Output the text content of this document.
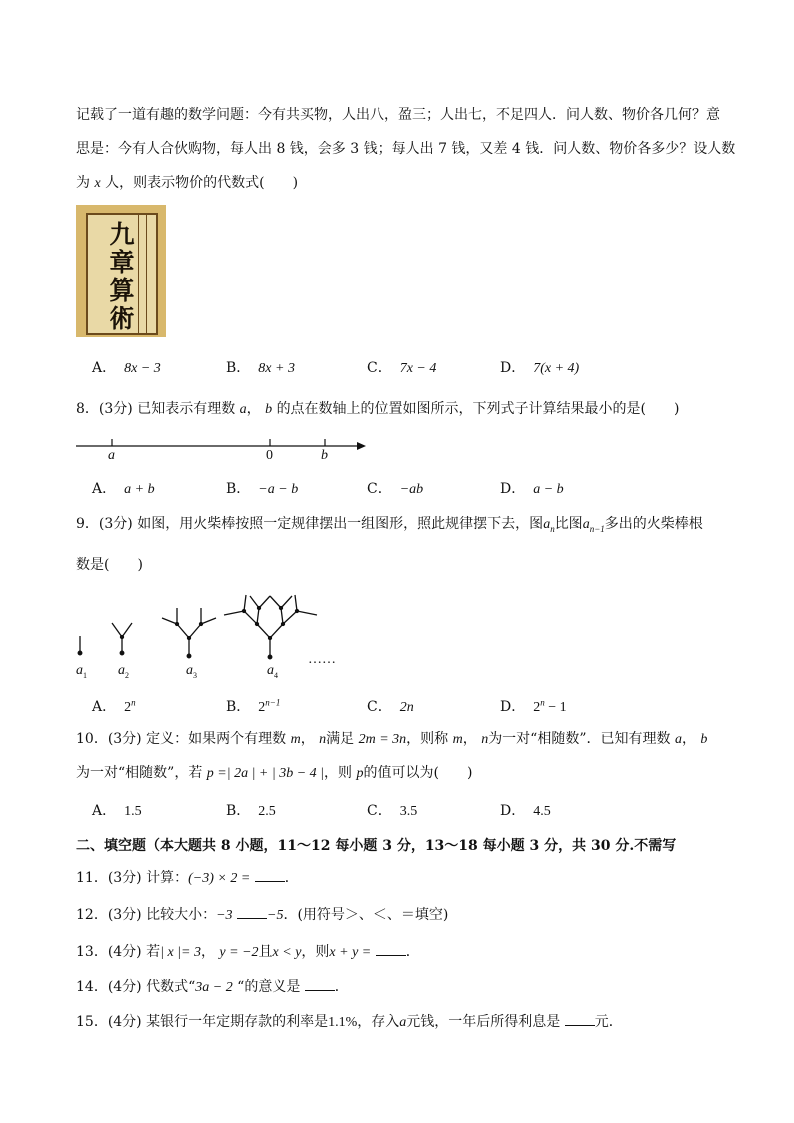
记载了一道有趣的数学问题：今有共买物，人出八，盈三；人出七，不足四人．问人数、物价各几何？意
思是：今有人合伙购物，每人出 8 钱，会多 3 钱；每人出 7 钱，又差 4 钱．问人数、物价各多少？设人数
为 x 人，则表示物价的代数式(　　)
九
章
算
術
A． 8x − 3	B． 8x + 3	C． 7x − 4	D． 7(x + 4)
8．(3分) 已知表示有理数 a， b 的点在数轴上的位置如图所示，下列式子计算结果最小的是(　　)
a	0	b
A． a + b	B． −a − b	C． −ab	D． a − b
9．(3分) 如图，用火柴棒按照一定规律摆出一组图形，照此规律摆下去，图$a_n$比图$a_{n-1}$多出的火柴棒根
数是(　　)
$a_1$ $a_2$	$a_3$	$a_4$
……
A． 2$^n$	B． $2^{n-1}$	C． 2n	D． $2^n - 1$
10．(3分) 定义：如果两个有理数 m， n满足 2m = 3n，则称 m， n为一对“相随数”．已知有理数 a， b
为一对“相随数”，若 p =| 2a | + | 3b − 4 |，则 p的值可以为(　　)
A． 1.5	B． 2.5	C． 3.5	D． 4.5
二、填空题（本大题共 8 小题，11～12 每小题 3 分，13～18 每小题 3 分，共 30 分.不需写
11．(3分) 计算：(−3) × 2 = ．
12．(3分) 比较大小：−3 −5．(用符号＞、＜、＝填空)
13．(4分) 若| x |= 3， y = −2且x < y，则x + y = ．
14．(4分) 代数式“3a − 2 “的意义是 ．
15．(4分) 某银行一年定期存款的利率是1.1%，存入a元钱，一年后所得利息是 元．
